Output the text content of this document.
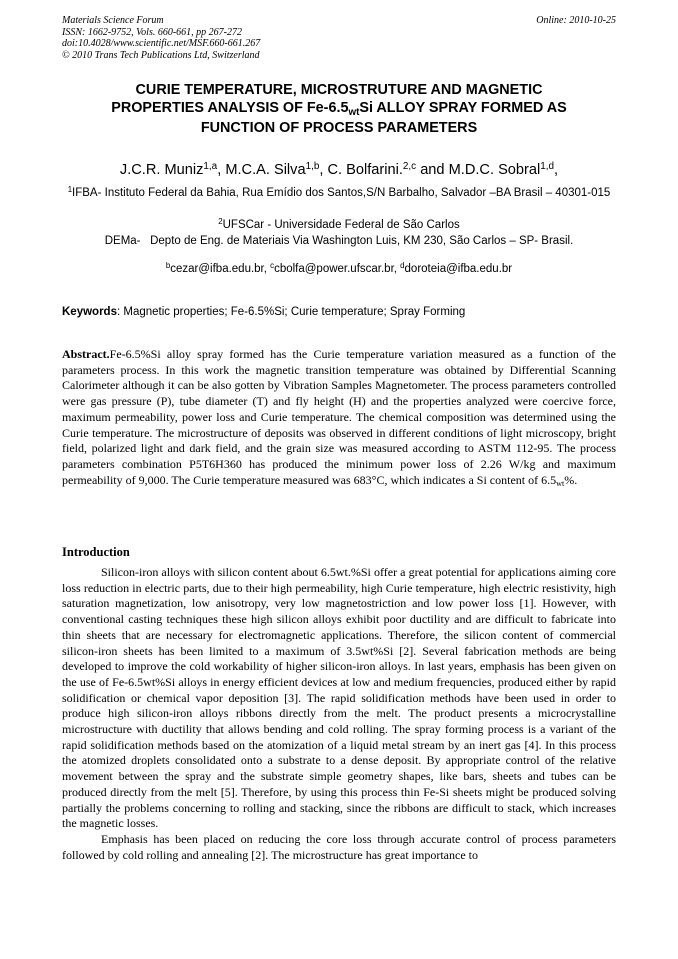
Materials Science Forum
ISSN: 1662-9752, Vols. 660-661, pp 267-272
doi:10.4028/www.scientific.net/MSF.660-661.267
© 2010 Trans Tech Publications Ltd, Switzerland
Online: 2010-10-25
CURIE TEMPERATURE, MICROSTRUTURE AND MAGNETIC
PROPERTIES ANALYSIS OF $Fe-6.5_{wt}Si$ ALLOY SPRAY FORMED AS
FUNCTION OF PROCESS PARAMETERS
J.C.R. Muniz$^{1,a}$, M.C.A. Silva$^{1,b}$, C. Bolfarini.$^{2,c}$ and M.D.C. Sobral$^{1,d}$,
$^1$IFBA- Instituto Federal da Bahia, Rua Emídio dos Santos,S/N Barbalho, Salvador –BA Brasil – 40301-015
$^2$UFSCar - Universidade Federal de São Carlos
DEMa-   Depto de Eng. de Materiais Via Washington Luis, KM 230, São Carlos – SP- Brasil.
$^b$cezar@ifba.edu.br, $^c$cbolfa@power.ufscar.br, $^d$doroteia@ifba.edu.br
Keywords: Magnetic properties; Fe-6.5%Si; Curie temperature; Spray Forming

Abstract.Fe-6.5%Si alloy spray formed has the Curie temperature variation measured as a function of the parameters process. In this work the magnetic transition temperature was obtained by Differential Scanning Calorimeter although it can be also gotten by Vibration Samples Magnetometer. The process parameters controlled were gas pressure (P), tube diameter (T) and fly height (H) and the properties analyzed were coercive force, maximum permeability, power loss and Curie temperature. The chemical composition was determined using the Curie temperature. The microstructure of deposits was observed in different conditions of light microscopy, bright field, polarized light and dark field, and the grain size was measured according to ASTM 112-95. The process parameters combination P5T6H360 has produced the minimum power loss of 2.26 W/kg and maximum permeability of 9,000. The Curie temperature measured was 683°C, which indicates a Si content of $6.5_{wt}\%$.

Introduction

Silicon-iron alloys with silicon content about 6.5wt.%Si offer a great potential for applications aiming core loss reduction in electric parts, due to their high permeability, high Curie temperature, high electric resistivity, high saturation magnetization, low anisotropy, very low magnetostriction and low power loss [1]. However, with conventional casting techniques these high silicon alloys exhibit poor ductility and are difficult to fabricate into thin sheets that are necessary for electromagnetic applications. Therefore, the silicon content of commercial silicon-iron sheets has been limited to a maximum of 3.5wt%Si [2]. Several fabrication methods are being developed to improve the cold workability of higher silicon-iron alloys. In last years, emphasis has been given on the use of Fe-6.5wt%Si alloys in energy efficient devices at low and medium frequencies, produced either by rapid solidification or chemical vapor deposition [3]. The rapid solidification methods have been used in order to produce high silicon-iron alloys ribbons directly from the melt. The product presents a microcrystalline microstructure with ductility that allows bending and cold rolling. The spray forming process is a variant of the rapid solidification methods based on the atomization of a liquid metal stream by an inert gas [4]. In this process the atomized droplets consolidated onto a substrate to a dense deposit. By appropriate control of the relative movement between the spray and the substrate simple geometry shapes, like bars, sheets and tubes can be produced directly from the melt [5]. Therefore, by using this process thin Fe-Si sheets might be produced solving partially the problems concerning to rolling and stacking, since the ribbons are difficult to stack, which increases the magnetic losses.

Emphasis has been placed on reducing the core loss through accurate control of process parameters followed by cold rolling and annealing [2]. The microstructure has great importance to
